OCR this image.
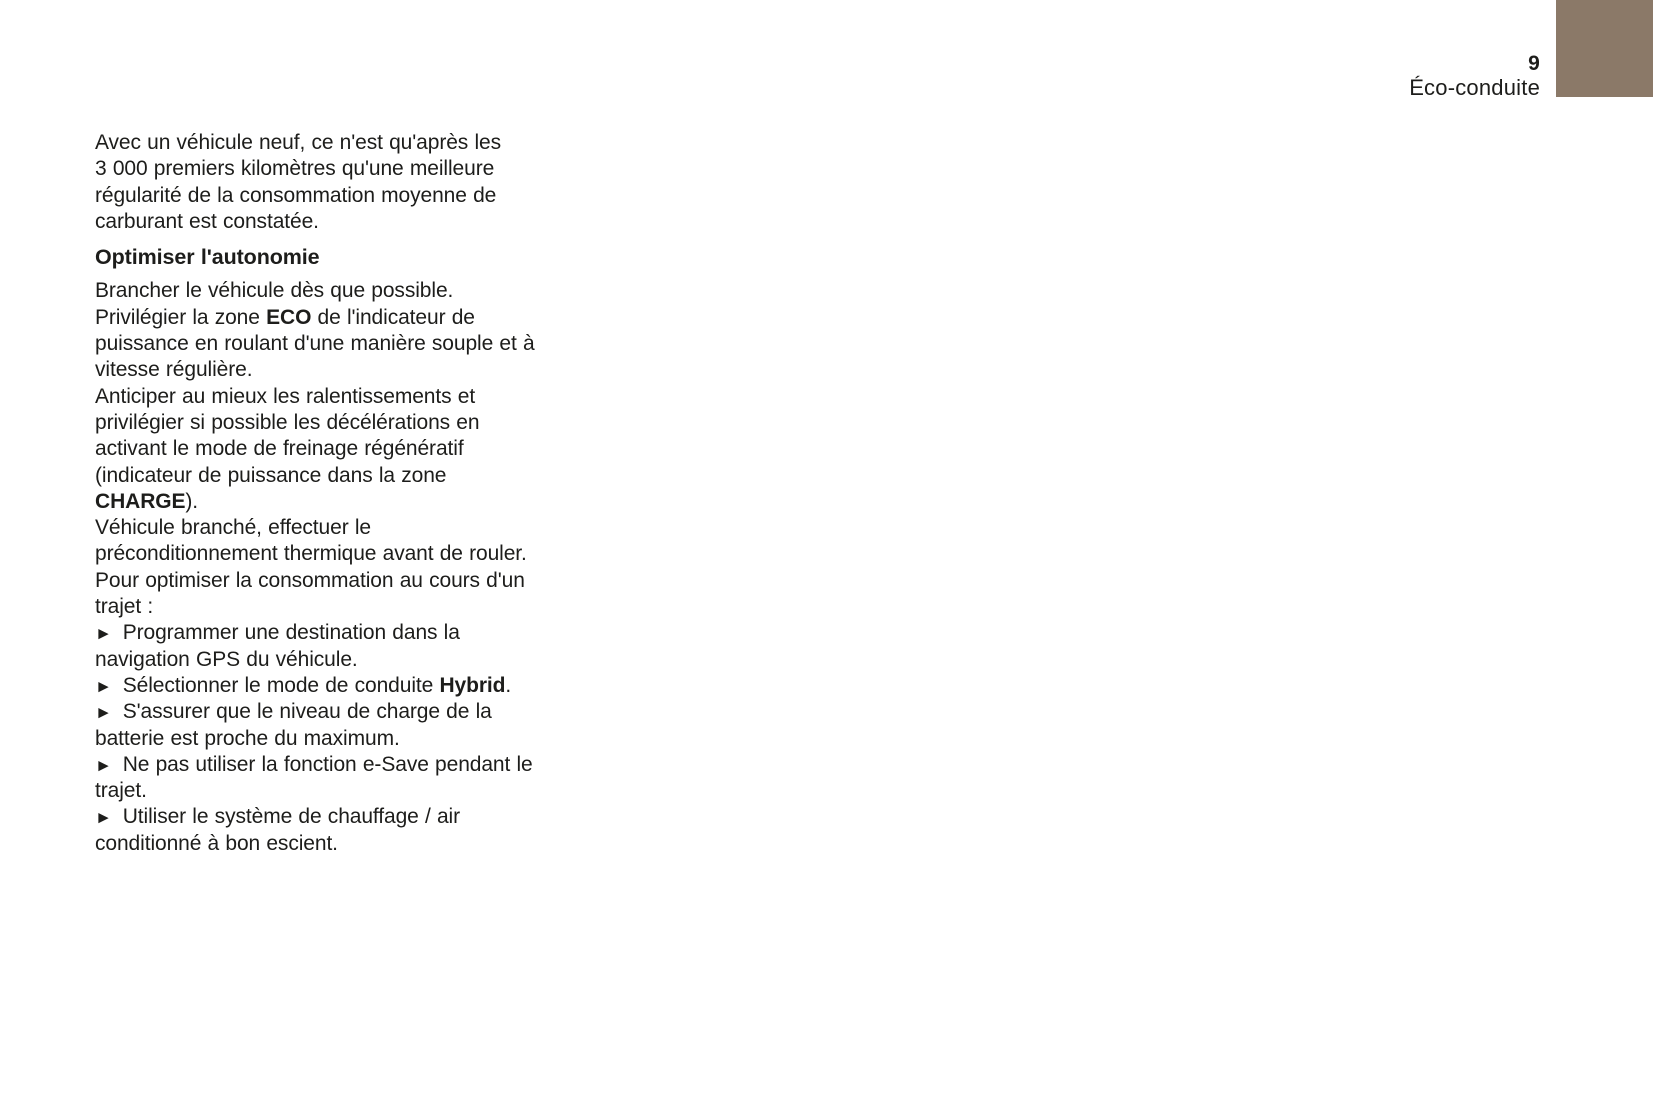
9
Éco-conduite

Avec un véhicule neuf, ce n'est qu'après les 3 000 premiers kilomètres qu'une meilleure régularité de la consommation moyenne de carburant est constatée.

Optimiser l'autonomie

Brancher le véhicule dès que possible.

Privilégier la zone ECO de l'indicateur de puissance en roulant d'une manière souple et à vitesse régulière.

Anticiper au mieux les ralentissements et privilégier si possible les décélérations en activant le mode de freinage régénératif (indicateur de puissance dans la zone CHARGE).

Véhicule branché, effectuer le préconditionnement thermique avant de rouler.

Pour optimiser la consommation au cours d'un trajet :

► Programmer une destination dans la navigation GPS du véhicule.

► Sélectionner le mode de conduite Hybrid.

► S'assurer que le niveau de charge de la batterie est proche du maximum.

► Ne pas utiliser la fonction e-Save pendant le trajet.

► Utiliser le système de chauffage / air conditionné à bon escient.
